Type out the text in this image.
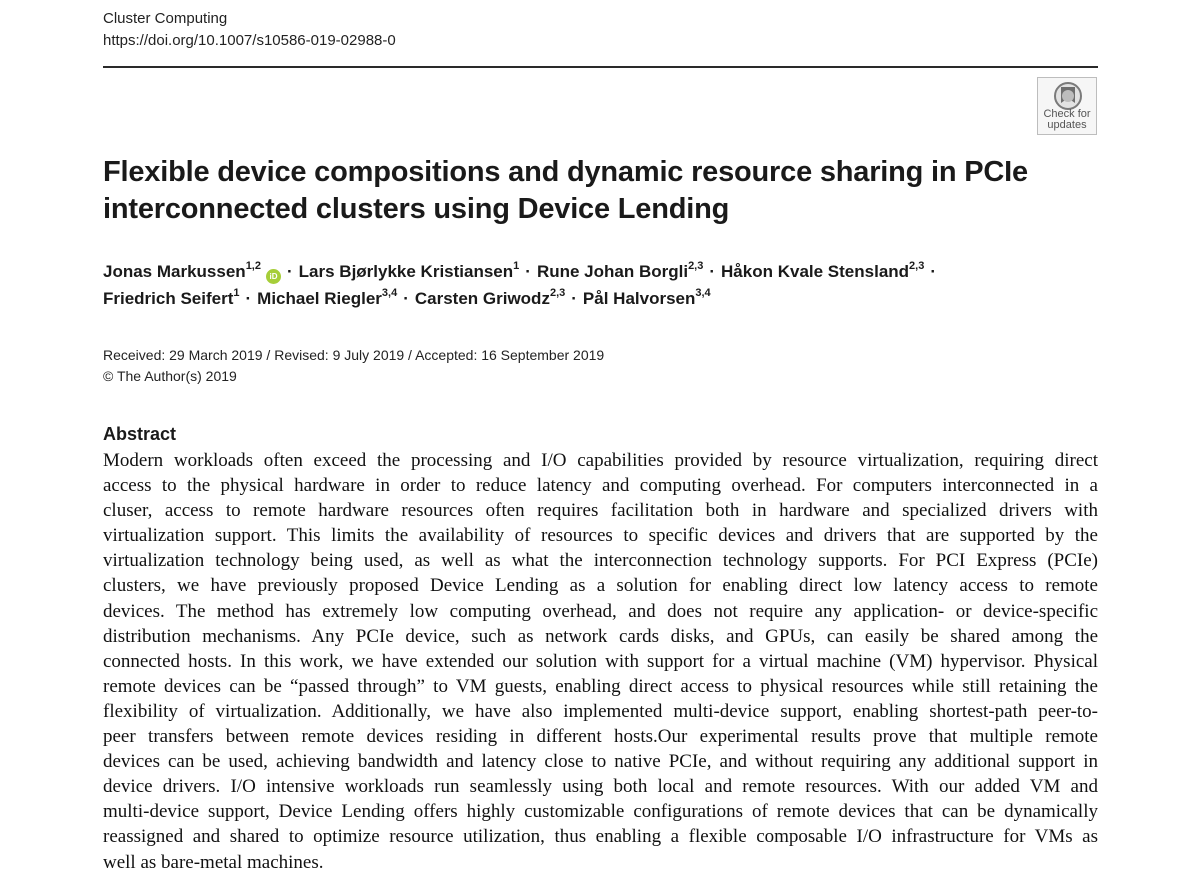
Cluster Computing
https://doi.org/10.1007/s10586-019-02988-0
Check for
updates
Flexible device compositions and dynamic resource sharing in PCIe
interconnected clusters using Device Lending
Jonas Markussen$^{1,2}$iD · Lars Bjørlykke Kristiansen$^1$ · Rune Johan Borgli$^{2,3}$ · Håkon Kvale Stensland$^{2,3}$ ·
Friedrich Seifert$^1$ · Michael Riegler$^{3,4}$ · Carsten Griwodz$^{2,3}$ · Pål Halvorsen$^{3,4}$
Received: 29 March 2019 / Revised: 9 July 2019 / Accepted: 16 September 2019
© The Author(s) 2019
Abstract
Modern workloads often exceed the processing and I/O capabilities provided by resource virtualization, requiring direct
access to the physical hardware in order to reduce latency and computing overhead. For computers interconnected in a
cluser, access to remote hardware resources often requires facilitation both in hardware and specialized drivers with
virtualization support. This limits the availability of resources to specific devices and drivers that are supported by the
virtualization technology being used, as well as what the interconnection technology supports. For PCI Express (PCIe)
clusters, we have previously proposed Device Lending as a solution for enabling direct low latency access to remote
devices. The method has extremely low computing overhead, and does not require any application- or device-specific
distribution mechanisms. Any PCIe device, such as network cards disks, and GPUs, can easily be shared among the
connected hosts. In this work, we have extended our solution with support for a virtual machine (VM) hypervisor. Physical
remote devices can be “passed through” to VM guests, enabling direct access to physical resources while still retaining the
flexibility of virtualization. Additionally, we have also implemented multi-device support, enabling shortest-path peer-to-
peer transfers between remote devices residing in different hosts.Our experimental results prove that multiple remote
devices can be used, achieving bandwidth and latency close to native PCIe, and without requiring any additional support in
device drivers. I/O intensive workloads run seamlessly using both local and remote resources. With our added VM and
multi-device support, Device Lending offers highly customizable configurations of remote devices that can be dynamically
reassigned and shared to optimize resource utilization, thus enabling a flexible composable I/O infrastructure for VMs as
well as bare-metal machines.
